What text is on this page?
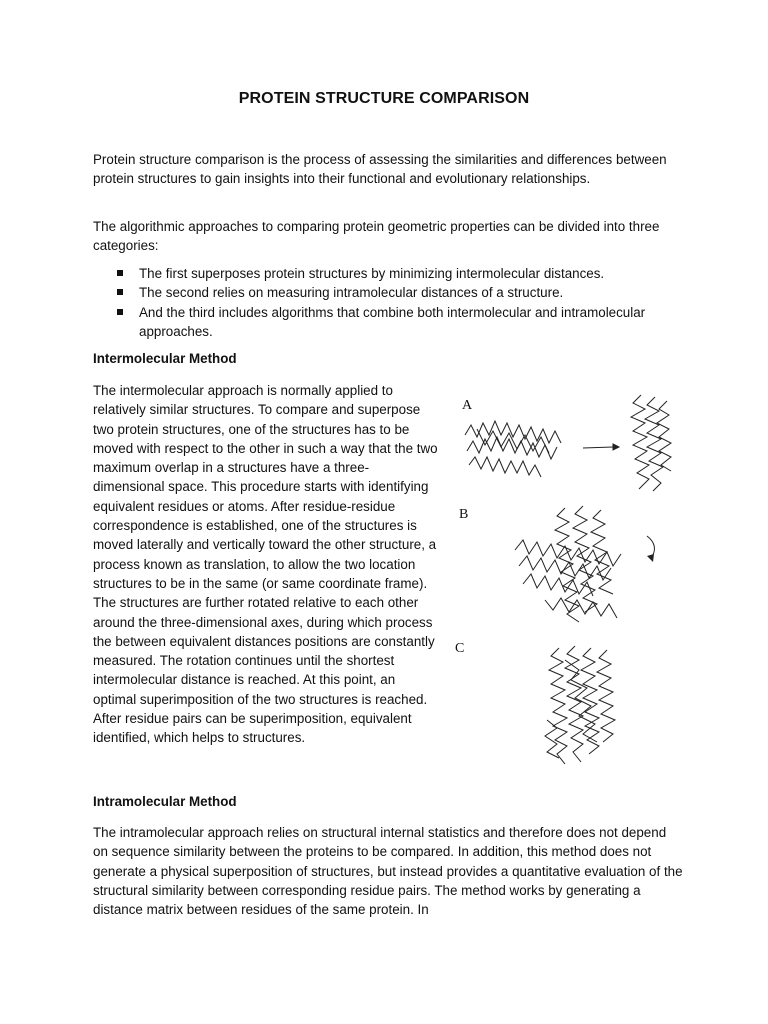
PROTEIN STRUCTURE COMPARISON
Protein structure comparison is the process of assessing the similarities and differences between protein structures to gain insights into their functional and evolutionary relationships.
The algorithmic approaches to comparing protein geometric properties can be divided into three categories:
The first superposes protein structures by minimizing intermolecular distances.
The second relies on measuring intramolecular distances of a structure.
And the third includes algorithms that combine both intermolecular and intramolecular approaches.
Intermolecular Method
The intermolecular approach is normally applied to relatively similar structures. To compare and superpose two protein structures, one of the structures has to be moved with respect to the other in such a way that the two maximum overlap in a structures have a three-dimensional space. This procedure starts with identifying equivalent residues or atoms. After residue-residue correspondence is established, one of the structures is moved laterally and vertically toward the other structure, a process known as translation, to allow the two location structures to be in the same (or same coordinate frame). The structures are further rotated relative to each other around the three-dimensional axes, during which process the between equivalent distances positions are constantly measured. The rotation continues until the shortest intermolecular distance is reached. At this point, an optimal superimposition of the two structures is reached. After residue pairs can be superimposition, equivalent identified, which helps to structures.
A
B
C
Intramolecular Method
The intramolecular approach relies on structural internal statistics and therefore does not depend on sequence similarity between the proteins to be compared. In addition, this method does not generate a physical superposition of structures, but instead provides a quantitative evaluation of the structural similarity between corresponding residue pairs. The method works by generating a distance matrix between residues of the same protein. In
